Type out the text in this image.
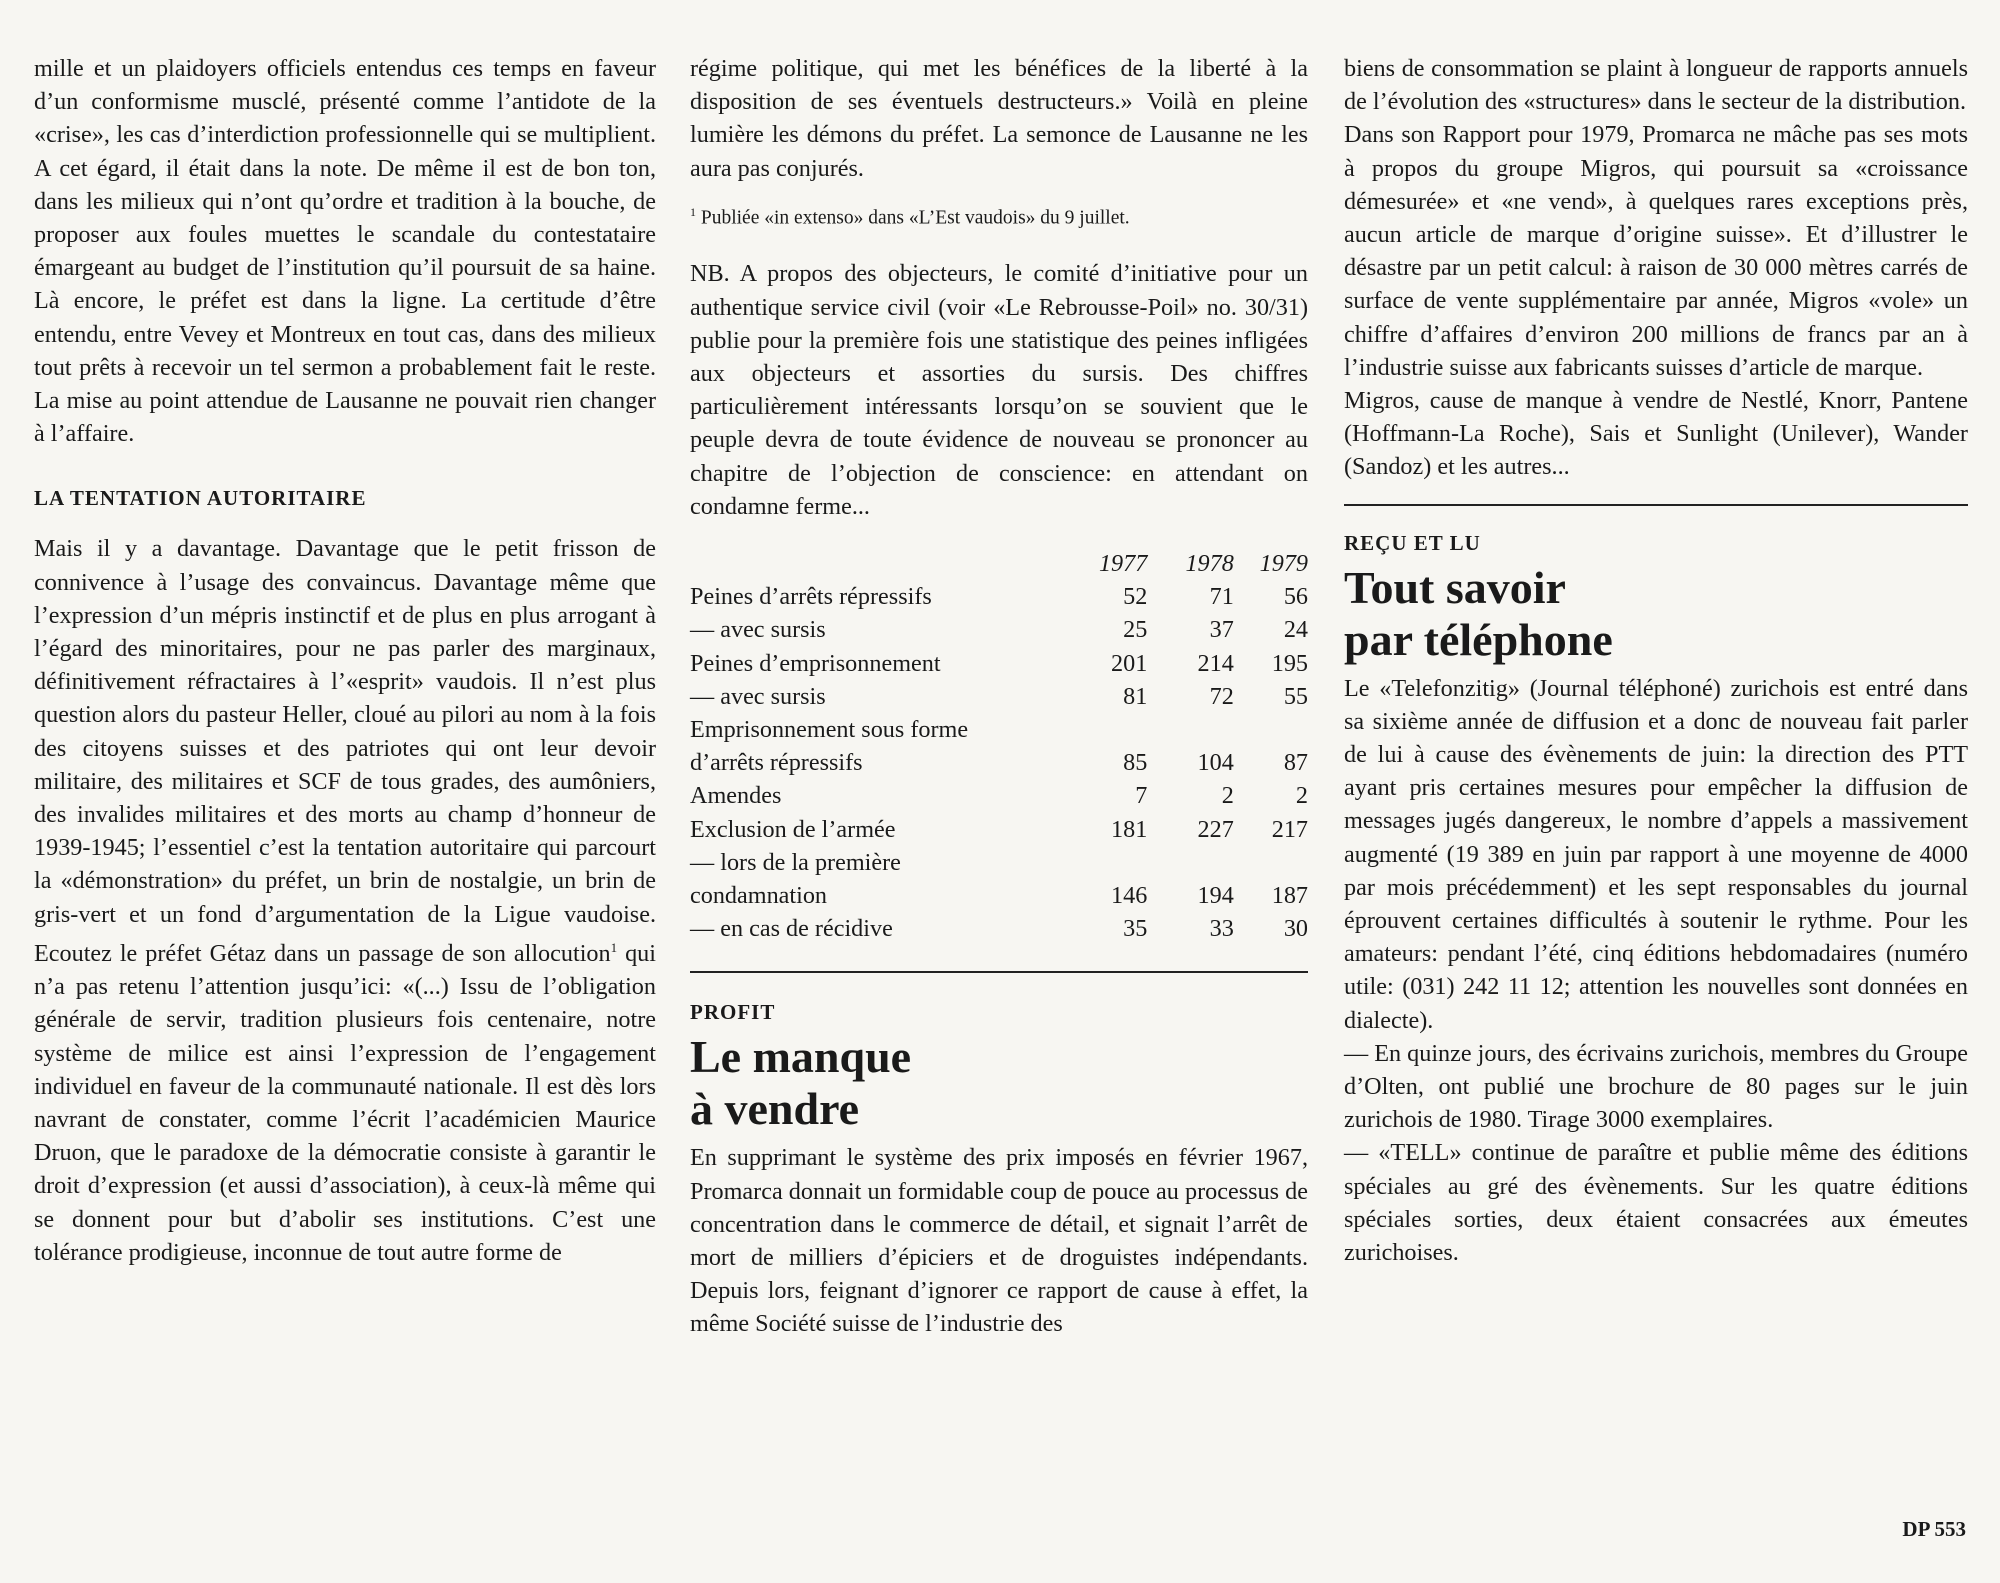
mille et un plaidoyers officiels entendus ces temps en faveur d’un conformisme musclé, présenté comme l’antidote de la «crise», les cas d’interdiction professionnelle qui se multiplient. A cet égard, il était dans la note. De même il est de bon ton, dans les milieux qui n’ont qu’ordre et tradition à la bouche, de proposer aux foules muettes le scandale du contestataire émargeant au budget de l’institution qu’il poursuit de sa haine. Là encore, le préfet est dans la ligne. La certitude d’être entendu, entre Vevey et Montreux en tout cas, dans des milieux tout prêts à recevoir un tel sermon a probablement fait le reste. La mise au point attendue de Lausanne ne pouvait rien changer à l’affaire.

LA TENTATION AUTORITAIRE

Mais il y a davantage. Davantage que le petit frisson de connivence à l’usage des convaincus. Davantage même que l’expression d’un mépris instinctif et de plus en plus arrogant à l’égard des minoritaires, pour ne pas parler des marginaux, définitivement réfractaires à l’«esprit» vaudois. Il n’est plus question alors du pasteur Heller, cloué au pilori au nom à la fois des citoyens suisses et des patriotes qui ont leur devoir militaire, des militaires et SCF de tous grades, des aumôniers, des invalides militaires et des morts au champ d’honneur de 1939-1945; l’essentiel c’est la tentation autoritaire qui parcourt la «démonstration» du préfet, un brin de nostalgie, un brin de gris-vert et un fond d’argumentation de la Ligue vaudoise. Ecoutez le préfet Gétaz dans un passage de son allocution$^1$ qui n’a pas retenu l’attention jusqu’ici: «(...) Issu de l’obligation générale de servir, tradition plusieurs fois centenaire, notre système de milice est ainsi l’expression de l’engagement individuel en faveur de la communauté nationale. Il est dès lors navrant de constater, comme l’écrit l’académicien Maurice Druon, que le paradoxe de la démocratie consiste à garantir le droit d’expression (et aussi d’association), à ceux-là même qui se donnent pour but d’abolir ses institutions. C’est une tolérance prodigieuse, inconnue de tout autre forme de

régime politique, qui met les bénéfices de la liberté à la disposition de ses éventuels destructeurs.» Voilà en pleine lumière les démons du préfet. La semonce de Lausanne ne les aura pas conjurés.

$^1$ Publiée «in extenso» dans «L’Est vaudois» du 9 juillet.

NB. A propos des objecteurs, le comité d’initiative pour un authentique service civil (voir «Le Rebrousse-Poil» no. 30/31) publie pour la première fois une statistique des peines infligées aux objecteurs et assorties du sursis. Des chiffres particulièrement intéressants lorsqu’on se souvient que le peuple devra de toute évidence de nouveau se prononcer au chapitre de l’objection de conscience: en attendant on condamne ferme...

	1977	1978	1979
Peines d’arrêts répressifs	52	71	56
— avec sursis	25	37	24
Peines d’emprisonnement	201	214	195
— avec sursis	81	72	55
Emprisonnement sous forme			
d’arrêts répressifs	85	104	87
Amendes	7	2	2
Exclusion de l’armée	181	227	217
— lors de la première			
condamnation	146	194	187
— en cas de récidive	35	33	30
PROFIT
Le manque
à vendre

En supprimant le système des prix imposés en février 1967, Promarca donnait un formidable coup de pouce au processus de concentration dans le commerce de détail, et signait l’arrêt de mort de milliers d’épiciers et de droguistes indépendants. Depuis lors, feignant d’ignorer ce rapport de cause à effet, la même Société suisse de l’industrie des

biens de consommation se plaint à longueur de rapports annuels de l’évolution des «structures» dans le secteur de la distribution.

Dans son Rapport pour 1979, Promarca ne mâche pas ses mots à propos du groupe Migros, qui poursuit sa «croissance démesurée» et «ne vend», à quelques rares exceptions près, aucun article de marque d’origine suisse». Et d’illustrer le désastre par un petit calcul: à raison de 30 000 mètres carrés de surface de vente supplémentaire par année, Migros «vole» un chiffre d’affaires d’environ 200 millions de francs par an à l’industrie suisse aux fabricants suisses d’article de marque.

Migros, cause de manque à vendre de Nestlé, Knorr, Pantene (Hoffmann-La Roche), Sais et Sunlight (Unilever), Wander (Sandoz) et les autres...

REÇU ET LU
Tout savoir
par téléphone

Le «Telefonzitig» (Journal téléphoné) zurichois est entré dans sa sixième année de diffusion et a donc de nouveau fait parler de lui à cause des évènements de juin: la direction des PTT ayant pris certaines mesures pour empêcher la diffusion de messages jugés dangereux, le nombre d’appels a massivement augmenté (19 389 en juin par rapport à une moyenne de 4000 par mois précédemment) et les sept responsables du journal éprouvent certaines difficultés à soutenir le rythme. Pour les amateurs: pendant l’été, cinq éditions hebdomadaires (numéro utile: (031) 242 11 12; attention les nouvelles sont données en dialecte).

— En quinze jours, des écrivains zurichois, membres du Groupe d’Olten, ont publié une brochure de 80 pages sur le juin zurichois de 1980. Tirage 3000 exemplaires.

— «TELL» continue de paraître et publie même des éditions spéciales au gré des évènements. Sur les quatre éditions spéciales sorties, deux étaient consacrées aux émeutes zurichoises.

DP 553
